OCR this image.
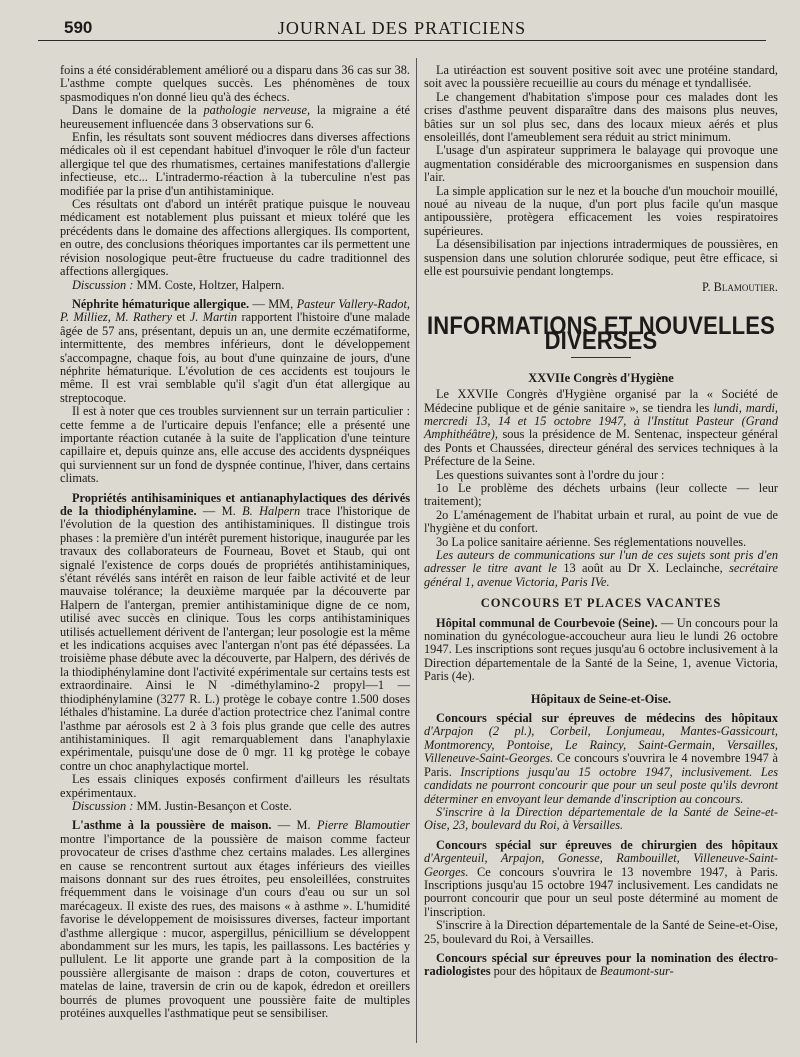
590	JOURNAL DES PRATICIENS

foins a été considérablement amélioré ou a disparu dans 36 cas sur 38. L'asthme compte quelques succès. Les phénomènes de toux spasmodiques n'on donné lieu qu'à des échecs.

Dans le domaine de la pathologie nerveuse, la migraine a été heureusement influencée dans 3 observations sur 6.

Enfin, les résultats sont souvent médiocres dans diverses affections médicales où il est cependant habituel d'invoquer le rôle d'un facteur allergique tel que des rhumatismes, certaines manifestations d'allergie infectieuse, etc... L'intradermo-réaction à la tuberculine n'est pas modifiée par la prise d'un antihistaminique.

Ces résultats ont d'abord un intérêt pratique puisque le nouveau médicament est notablement plus puissant et mieux toléré que les précédents dans le domaine des affections allergiques. Ils comportent, en outre, des conclusions théoriques importantes car ils permettent une révision nosologique peut-être fructueuse du cadre traditionnel des affections allergiques.

Discussion : MM. Coste, Holtzer, Halpern.

Néphrite hématurique allergique. — MM, Pasteur Vallery-Radot, P. Milliez, M. Rathery et J. Martin rapportent l'histoire d'une malade âgée de 57 ans, présentant, depuis un an, une dermite eczématiforme, intermittente, des membres inférieurs, dont le développement s'accompagne, chaque fois, au bout d'une quinzaine de jours, d'une néphrite hématurique. L'évolution de ces accidents est toujours le même. Il est vrai semblable qu'il s'agit d'un état allergique au streptocoque.

Il est à noter que ces troubles surviennent sur un terrain particulier : cette femme a de l'urticaire depuis l'enfance; elle a présenté une importante réaction cutanée à la suite de l'application d'une teinture capillaire et, depuis quinze ans, elle accuse des accidents dyspnéiques qui surviennent sur un fond de dyspnée continue, l'hiver, dans certains climats.

Propriétés antihisaminiques et antianaphylactiques des dérivés de la thiodiphénylamine. — M. B. Halpern trace l'historique de l'évolution de la question des antihistaminiques. Il distingue trois phases : la première d'un intérêt purement historique, inaugurée par les travaux des collaborateurs de Fourneau, Bovet et Staub, qui ont signalé l'existence de corps doués de propriétés antihistaminiques, s'étant révélés sans intérêt en raison de leur faible activité et de leur mauvaise tolérance; la deuxième marquée par la découverte par Halpern de l'antergan, premier antihistaminique digne de ce nom, utilisé avec succès en clinique. Tous les corps antihistaminiques utilisés actuellement dérivent de l'antergan; leur posologie est la même et les indications acquises avec l'antergan n'ont pas été dépassées. La troisième phase débute avec la découverte, par Halpern, des dérivés de la thiodiphénylamine dont l'activité expérimentale sur certains tests est extraordinaire. Ainsi le N -diméthylamino-2 propyl—1 — thiodiphénylamine (3277 R. L.) protège le cobaye contre 1.500 doses léthales d'histamine. La durée d'action protectrice chez l'animal contre l'asthme par aérosols est 2 à 3 fois plus grande que celle des autres antihistaminiques. Il agit remarquablement dans l'anaphylaxie expérimentale, puisqu'une dose de 0 mgr. 11 kg protège le cobaye contre un choc anaphylactique mortel.

Les essais cliniques exposés confirment d'ailleurs les résultats expérimentaux.

Discussion : MM. Justin-Besançon et Coste.

L'asthme à la poussière de maison. — M. Pierre Blamoutier montre l'importance de la poussière de maison comme facteur provocateur de crises d'asthme chez certains malades. Les allergines en cause se rencontrent surtout aux étages inférieurs des vieilles maisons donnant sur des rues étroites, peu ensoleillées, construites fréquemment dans le voisinage d'un cours d'eau ou sur un sol marécageux. Il existe des rues, des maisons « à asthme ». L'humidité favorise le développement de moisissures diverses, facteur important d'asthme allergique : mucor, aspergillus, pénicillium se développent abondamment sur les murs, les tapis, les paillassons. Les bactéries y pullulent. Le lit apporte une grande part à la composition de la poussière allergisante de maison : draps de coton, couvertures et matelas de laine, traversin de crin ou de kapok, édredon et oreillers bourrés de plumes provoquent une poussière faite de multiples protéines auxquelles l'asthmatique peut se sensibiliser.

La utiréaction est souvent positive soit avec une protéine standard, soit avec la poussière recueillie au cours du ménage et tyndallisée.

Le changement d'habitation s'impose pour ces malades dont les crises d'asthme peuvent disparaître dans des maisons plus neuves, bâties sur un sol plus sec, dans des locaux mieux aérés et plus ensoleillés, dont l'ameublement sera réduit au strict minimum.

L'usage d'un aspirateur supprimera le balayage qui provoque une augmentation considérable des microorganismes en suspension dans l'air.

La simple application sur le nez et la bouche d'un mouchoir mouillé, noué au niveau de la nuque, d'un port plus facile qu'un masque antipoussière, protègera efficacement les voies respiratoires supérieures.

La désensibilisation par injections intradermiques de poussières, en suspension dans une solution chlorurée sodique, peut être efficace, si elle est poursuivie pendant longtemps.

P. Blamoutier.
INFORMATIONS ET NOUVELLES DIVERSES
XXVIIe Congrès d'Hygiène

Le XXVIIe Congrès d'Hygiène organisé par la « Société de Médecine publique et de génie sanitaire », se tiendra les lundi, mardi, mercredi 13, 14 et 15 octobre 1947, à l'Institut Pasteur (Grand Amphithéâtre), sous la présidence de M. Sentenac, inspecteur général des Ponts et Chaussées, directeur général des services techniques à la Préfecture de la Seine.

Les questions suivantes sont à l'ordre du jour :

1o Le problème des déchets urbains (leur collecte — leur traitement);

2o L'aménagement de l'habitat urbain et rural, au point de vue de l'hygiène et du confort.

3o La police sanitaire aérienne. Ses réglementations nouvelles.

Les auteurs de communications sur l'un de ces sujets sont pris d'en adresser le titre avant le 13 août au Dr X. Leclainche, secrétaire général 1, avenue Victoria, Paris IVe.

CONCOURS ET PLACES VACANTES

Hôpital communal de Courbevoie (Seine). — Un concours pour la nomination du gynécologue-accoucheur aura lieu le lundi 26 octobre 1947. Les inscriptions sont reçues jusqu'au 6 octobre inclusivement à la Direction départementale de la Santé de la Seine, 1, avenue Victoria, Paris (4e).

Hôpitaux de Seine-et-Oise.

Concours spécial sur épreuves de médecins des hôpitaux d'Arpajon (2 pl.), Corbeil, Lonjumeau, Mantes-Gassicourt, Montmorency, Pontoise, Le Raincy, Saint-Germain, Versailles, Villeneuve-Saint-Georges. Ce concours s'ouvrira le 4 novembre 1947 à Paris. Inscriptions jusqu'au 15 octobre 1947, inclusivement. Les candidats ne pourront concourir que pour un seul poste qu'ils devront déterminer en envoyant leur demande d'inscription au concours.

S'inscrire à la Direction départementale de la Santé de Seine-et-Oise, 23, boulevard du Roi, à Versailles.

Concours spécial sur épreuves de chirurgien des hôpitaux d'Argenteuil, Arpajon, Gonesse, Rambouillet, Villeneuve-Saint-Georges. Ce concours s'ouvrira le 13 novembre 1947, à Paris. Inscriptions jusqu'au 15 octobre 1947 inclusivement. Les candidats ne pourront concourir que pour un seul poste déterminé au moment de l'inscription.

S'inscrire à la Direction départementale de la Santé de Seine-et-Oise, 25, boulevard du Roi, à Versailles.

Concours spécial sur épreuves pour la nomination des électro-radiologistes pour des hôpitaux de Beaumont-sur-
